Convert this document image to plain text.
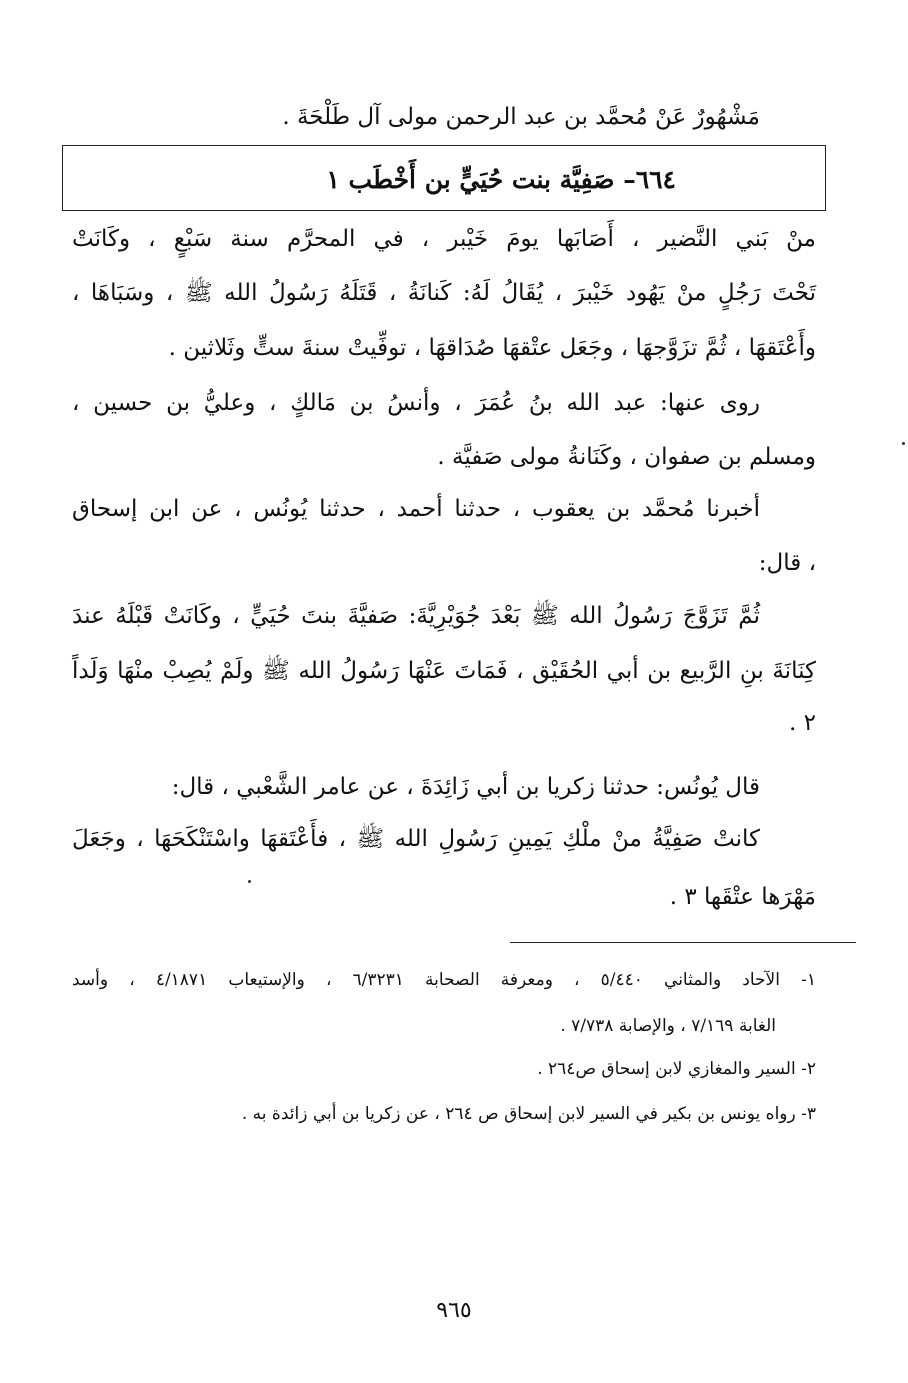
مَشْهُورٌ عَنْ مُحمَّد بن عبد الرحمن مولى آل طَلْحَةَ .
٦٦٤– صَفِيَّة بنت حُيَيٍّ بن أَخْطَب ١
منْ بَني النَّضير ، أَصَابَها يومَ خَيْبر ، في المحرَّم سنة سَبْعٍ ، وكَانَتْ
تَحْتَ رَجُلٍ منْ يَهُود خَيْبرَ ، يُقَالُ لَهُ: كَنانَةُ ، قَتَلَهُ رَسُولُ الله ﷺ ، وسَبَاهَا ،
وأَعْتَقهَا ، ثُمَّ تزَوَّجهَا ، وجَعَل عتْقهَا صُدَاقهَا ، توفِّيتْ سنةَ ستٍّ وثَلاثين .
روى عنها: عبد الله بنُ عُمَرَ ، وأنسُ بن مَالكٍ ، وعليُّ بن حسين ،
ومسلم بن صفوان ، وكَنَانةُ مولى صَفيَّة .
أخبرنا مُحمَّد بن يعقوب ، حدثنا أحمد ، حدثنا يُونُس ، عن ابن إسحاق
، قال:
ثُمَّ تَزَوَّجَ رَسُولُ الله ﷺ بَعْدَ جُوَيْرِيَّةَ: صَفيَّةَ بنتَ حُيَيٍّ ، وكَانَتْ قَبْلَهُ عندَ
كِنَانَةَ بنِ الرَّبيع بن أبي الحُقَيْق ، فَمَاتَ عَنْهَا رَسُولُ الله ﷺ ولَمْ يُصِبْ منْهَا وَلَداً
٢ .
قال يُونُس: حدثنا زكريا بن أبي زَائِدَةَ ، عن عامر الشَّعْبي ، قال:
كانتْ صَفِيَّةُ منْ ملْكِ يَمِينِ رَسُولِ الله ﷺ ، فأَعْتَقهَا واسْتَنْكَحَهَا ، وجَعَلَ
مَهْرَها عتْقَها ٣ .
١- الآحاد والمثاني ٥/٤٤٠ ، ومعرفة الصحابة ٦/٣٢٣١ ، والإستيعاب ٤/١٨٧١ ، وأسد
الغابة ٧/١٦٩ ، والإصابة ٧/٧٣٨ .
٢- السير والمغازي لابن إسحاق ص٢٦٤ .
٣- رواه يونس بن بكير في السير لابن إسحاق ص ٢٦٤ ، عن زكريا بن أبي زائدة به .
٩٦٥
